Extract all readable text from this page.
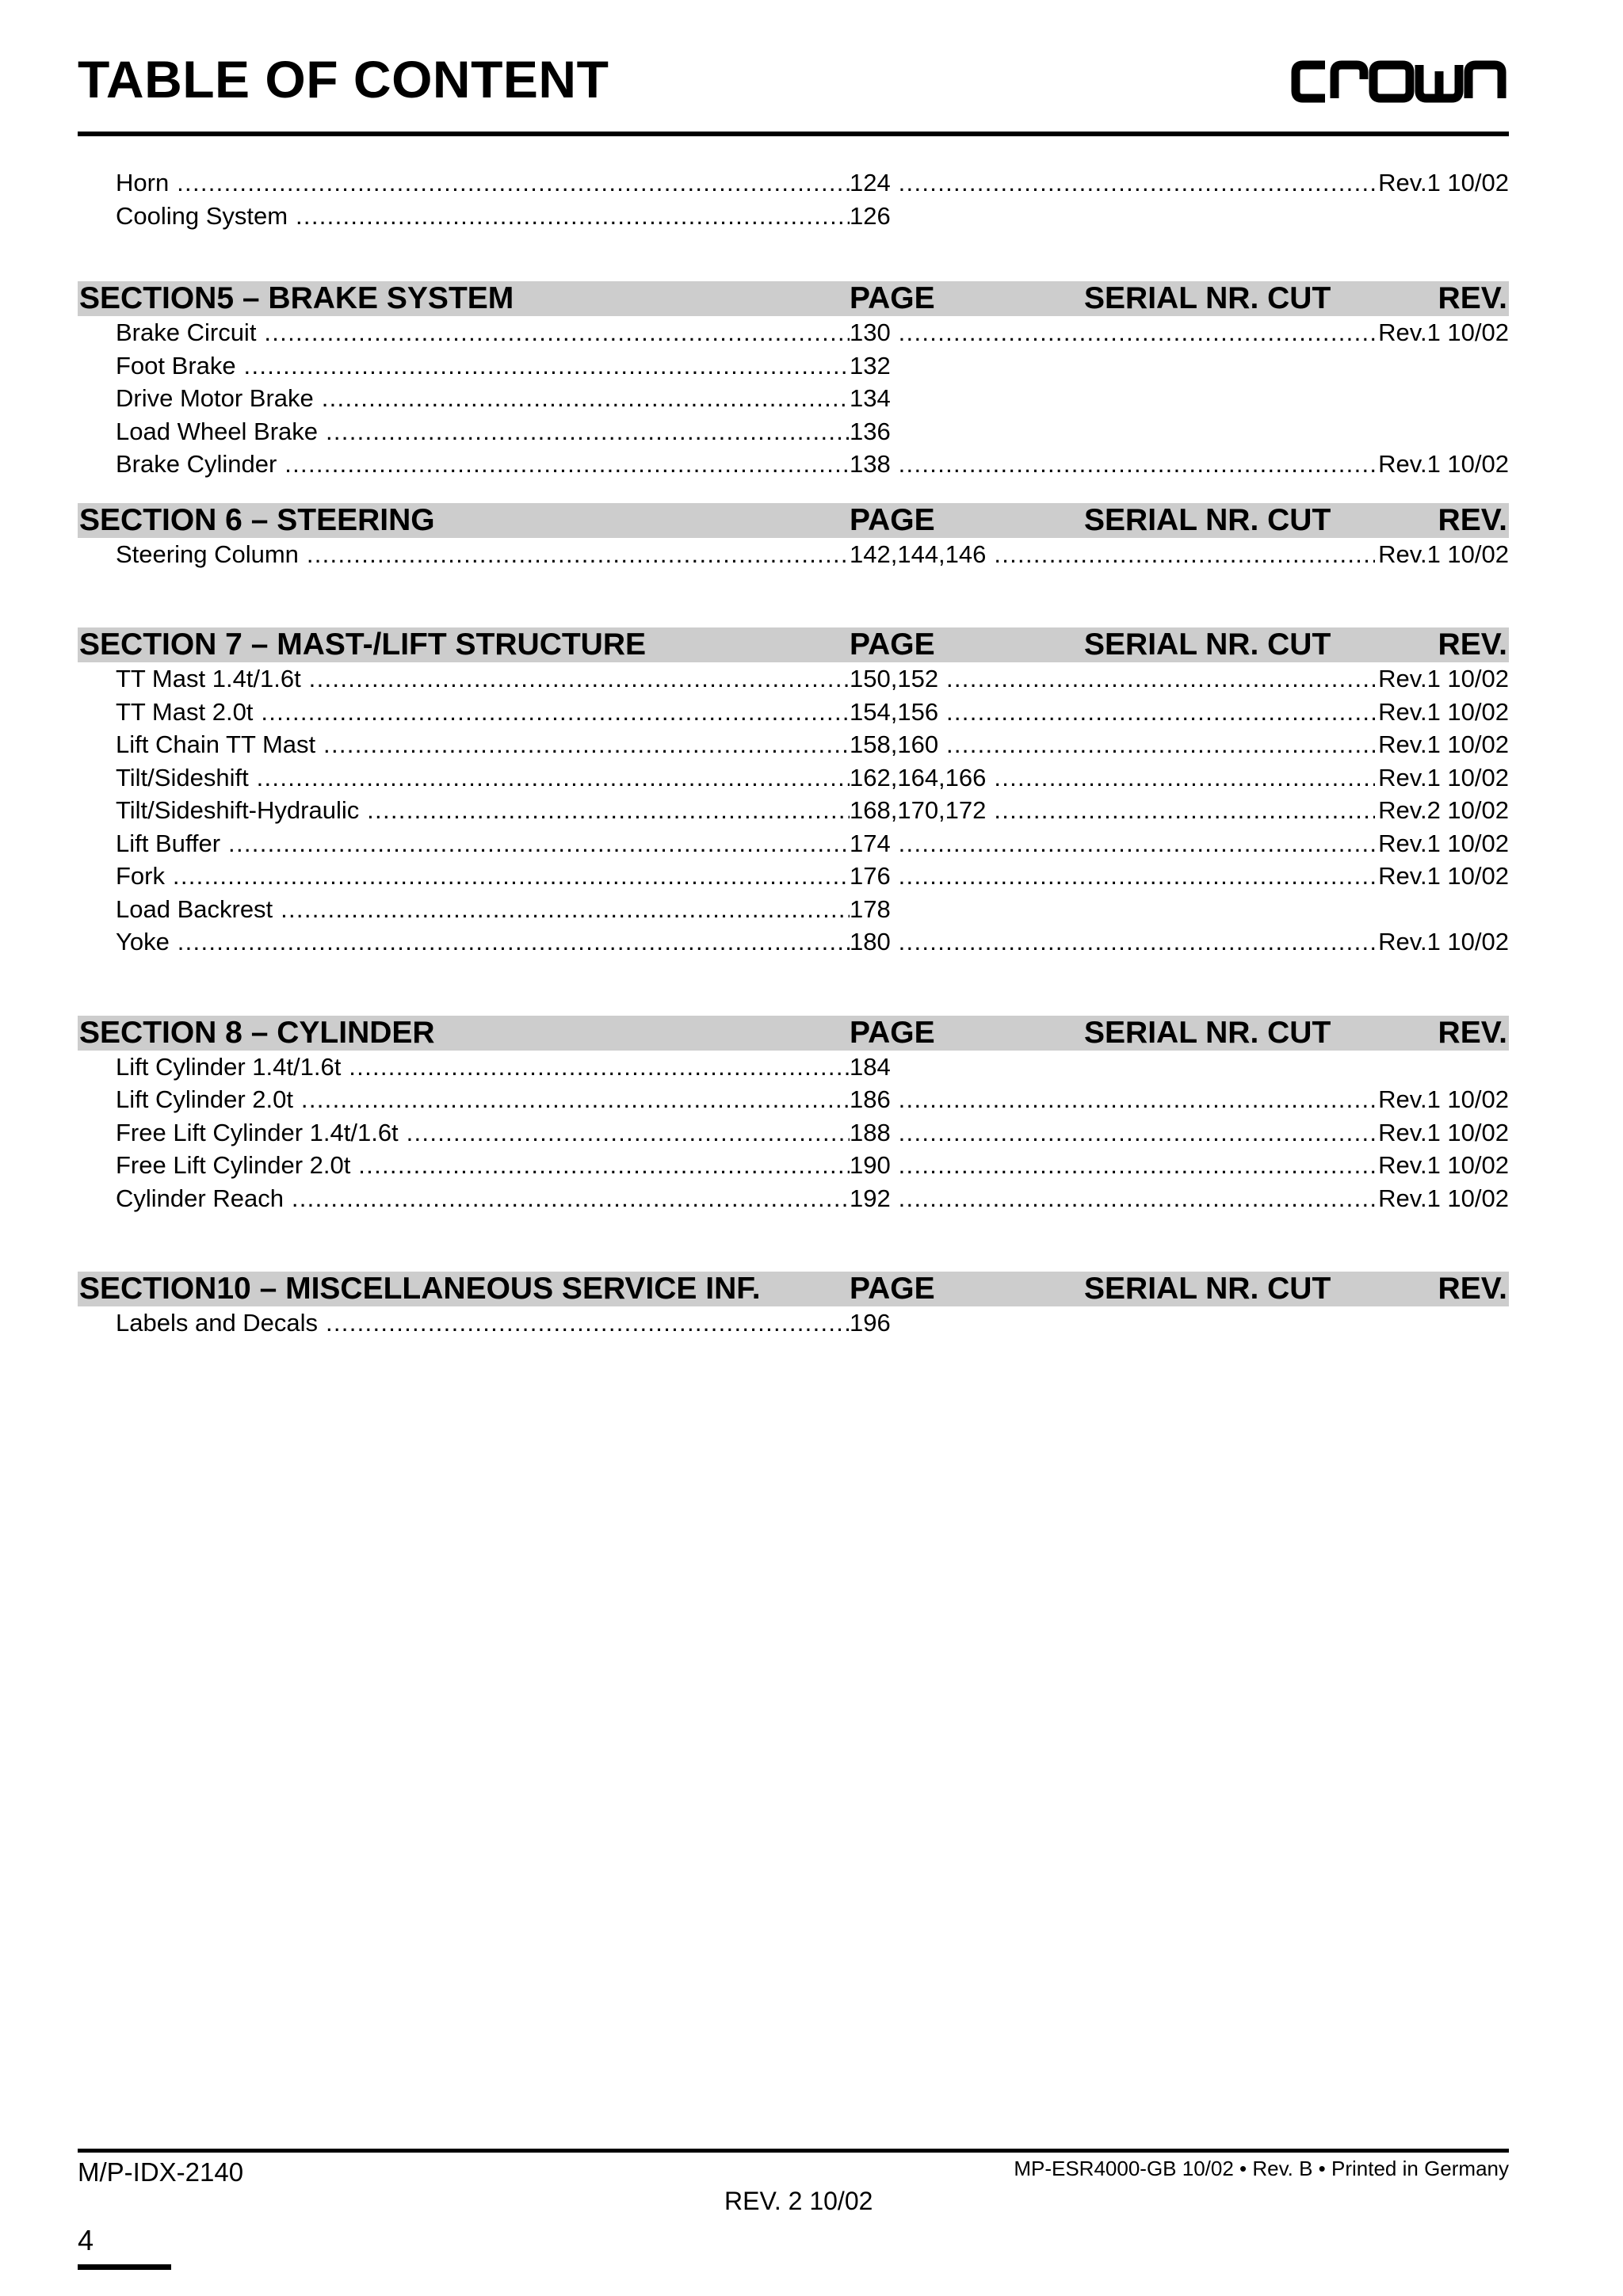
TABLE OF CONTENT
Horn .....	124 .....	Rev.1 10/02
Cooling System .....	126
SECTION5 – BRAKE SYSTEM	PAGE	SERIAL NR. CUT	REV.
Brake Circuit .....	130 .....	Rev.1 10/02
Foot Brake .....	132
Drive Motor Brake .....	134
Load Wheel Brake .....	136
Brake Cylinder .....	138 .....	Rev.1 10/02
SECTION 6 – STEERING	PAGE	SERIAL NR. CUT	REV.
Steering Column .....	142,144,146 .....	Rev.1 10/02
SECTION 7 – MAST-/LIFT STRUCTURE	PAGE	SERIAL NR. CUT	REV.
TT Mast 1.4t/1.6t .....	150,152 .....	Rev.1 10/02
TT Mast 2.0t .....	154,156 .....	Rev.1 10/02
Lift Chain TT Mast .....	158,160 .....	Rev.1 10/02
Tilt/Sideshift .....	162,164,166 .....	Rev.1 10/02
Tilt/Sideshift-Hydraulic .....	168,170,172 .....	Rev.2 10/02
Lift Buffer .....	174 .....	Rev.1 10/02
Fork .....	176 .....	Rev.1 10/02
Load Backrest .....	178
Yoke .....	180 .....	Rev.1 10/02
SECTION 8 – CYLINDER	PAGE	SERIAL NR. CUT	REV.
Lift Cylinder 1.4t/1.6t .....	184
Lift Cylinder 2.0t .....	186 .....	Rev.1 10/02
Free Lift Cylinder 1.4t/1.6t .....	188 .....	Rev.1 10/02
Free Lift Cylinder 2.0t .....	190 .....	Rev.1 10/02
Cylinder Reach .....	192 .....	Rev.1 10/02
SECTION10 – MISCELLANEOUS SERVICE INF.	PAGE	SERIAL NR. CUT	REV.
Labels and Decals .....	196
M/P-IDX-2140	MP-ESR4000-GB 10/02 • Rev. B • Printed in Germany
REV. 2 10/02
4
